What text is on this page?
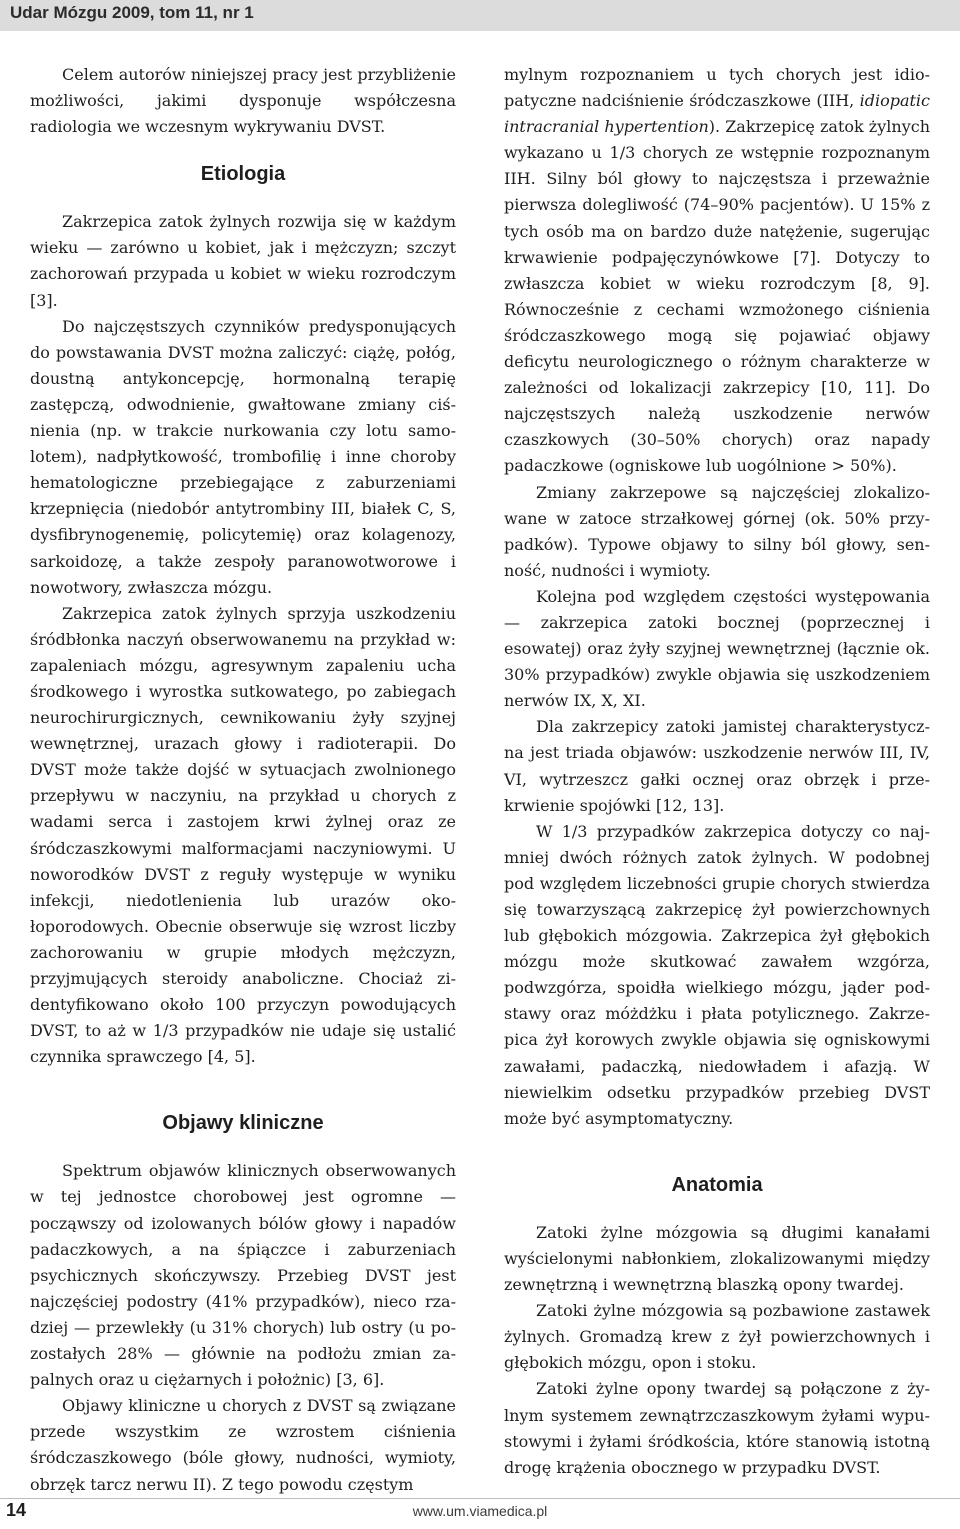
Udar Mózgu 2009, tom 11, nr 1

Celem autorów niniejszej pracy jest przybliżenie możliwości, jakimi dysponuje współczesna radiologia we wczesnym wykrywaniu DVST.

Etiologia

Zakrzepica zatok żylnych rozwija się w każdym wieku — zarówno u kobiet, jak i mężczyzn; szczyt zachorowań przypada u kobiet w wieku rozrodczym [3].

Do najczęstszych czynników predysponujących do powstawania DVST można zaliczyć: ciążę, połóg, doustną antykoncepcję, hormonalną terapię zastępczą, odwodnienie, gwałtowane zmiany ciśnienia (np. w trakcie nurkowania czy lotu samolotem), nadpłytkowość, trombofilię i inne choroby hematologiczne przebiegające z zaburzeniami krzepnięcia (niedobór antytrombiny III, białek C, S, dysfibrynogenemię, policytemię) oraz kolagenozy, sarkoidozę, a także zespoły paranowotworowe i nowotwory, zwłaszcza mózgu.

Zakrzepica zatok żylnych sprzyja uszkodzeniu śródbłonka naczyń obserwowanemu na przykład w: zapaleniach mózgu, agresywnym zapaleniu ucha środkowego i wyrostka sutkowatego, po zabiegach neurochirurgicznych, cewnikowaniu żyły szyjnej wewnętrznej, urazach głowy i radioterapii. Do DVST może także dojść w sytuacjach zwolnionego przepływu w naczyniu, na przykład u chorych z wadami serca i zastojem krwi żylnej oraz ze śródczaszkowymi malformacjami naczyniowymi. U noworodków DVST z reguły występuje w wyniku infekcji, niedotlenienia lub urazów okołoporodowych. Obecnie obserwuje się wzrost liczby zachorowaniu w grupie młodych mężczyzn, przyjmujących steroidy anaboliczne. Chociaż zidentyfikowano około 100 przyczyn powodujących DVST, to aż w 1/3 przypadków nie udaje się ustalić czynnika sprawczego [4, 5].

Objawy kliniczne

Spektrum objawów klinicznych obserwowanych w tej jednostce chorobowej jest ogromne — począwszy od izolowanych bólów głowy i napadów padaczkowych, a na śpiączce i zaburzeniach psychicznych skończywszy. Przebieg DVST jest najczęściej podostry (41% przypadków), nieco rzadziej — przewlekły (u 31% chorych) lub ostry (u pozostałych 28% — głównie na podłożu zmian zapalnych oraz u ciężarnych i położnic) [3, 6].

Objawy kliniczne u chorych z DVST są związane przede wszystkim ze wzrostem ciśnienia śródczaszkowego (bóle głowy, nudności, wymioty, obrzęk tarcz nerwu II). Z tego powodu częstym

mylnym rozpoznaniem u tych chorych jest idiopatyczne nadciśnienie śródczaszkowe (IIH, idiopatic intracranial hypertention). Zakrzepicę zatok żylnych wykazano u 1/3 chorych ze wstępnie rozpoznanym IIH. Silny ból głowy to najczęstsza i przeważnie pierwsza dolegliwość (74–90% pacjentów). U 15% z tych osób ma on bardzo duże natężenie, sugerując krwawienie podpajęczynówkowe [7]. Dotyczy to zwłaszcza kobiet w wieku rozrodczym [8, 9]. Równocześnie z cechami wzmożonego ciśnienia śródczaszkowego mogą się pojawiać objawy deficytu neurologicznego o różnym charakterze w zależności od lokalizacji zakrzepicy [10, 11]. Do najczęstszych należą uszkodzenie nerwów czaszkowych (30–50% chorych) oraz napady padaczkowe (ogniskowe lub uogólnione > 50%).

Zmiany zakrzepowe są najczęściej zlokalizowane w zatoce strzałkowej górnej (ok. 50% przypadków). Typowe objawy to silny ból głowy, senność, nudności i wymioty.

Kolejna pod względem częstości występowania — zakrzepica zatoki bocznej (poprzecznej i esowatej) oraz żyły szyjnej wewnętrznej (łącznie ok. 30% przypadków) zwykle objawia się uszkodzeniem nerwów IX, X, XI.

Dla zakrzepicy zatoki jamistej charakterystyczna jest triada objawów: uszkodzenie nerwów III, IV, VI, wytrzeszcz gałki ocznej oraz obrzęk i przekrwienie spojówki [12, 13].

W 1/3 przypadków zakrzepica dotyczy co najmniej dwóch różnych zatok żylnych. W podobnej pod względem liczebności grupie chorych stwierdza się towarzyszącą zakrzepicę żył powierzchownych lub głębokich mózgowia. Zakrzepica żył głębokich mózgu może skutkować zawałem wzgórza, podwzgórza, spoidła wielkiego mózgu, jąder podstawy oraz móżdżku i płata potylicznego. Zakrzepica żył korowych zwykle objawia się ogniskowymi zawałami, padaczką, niedowładem i afazją. W niewielkim odsetku przypadków przebieg DVST może być asymptomatyczny.

Anatomia

Zatoki żylne mózgowia są długimi kanałami wyścielonymi nabłonkiem, zlokalizowanymi między zewnętrzną i wewnętrzną blaszką opony twardej.

Zatoki żylne mózgowia są pozbawione zastawek żylnych. Gromadzą krew z żył powierzchownych i głębokich mózgu, opon i stoku.

Zatoki żylne opony twardej są połączone z żylnym systemem zewnątrzczaszkowym żyłami wypustowymi i żyłami śródkościa, które stanowią istotną drogę krążenia obocznego w przypadku DVST.

14	www.um.viamedica.pl
